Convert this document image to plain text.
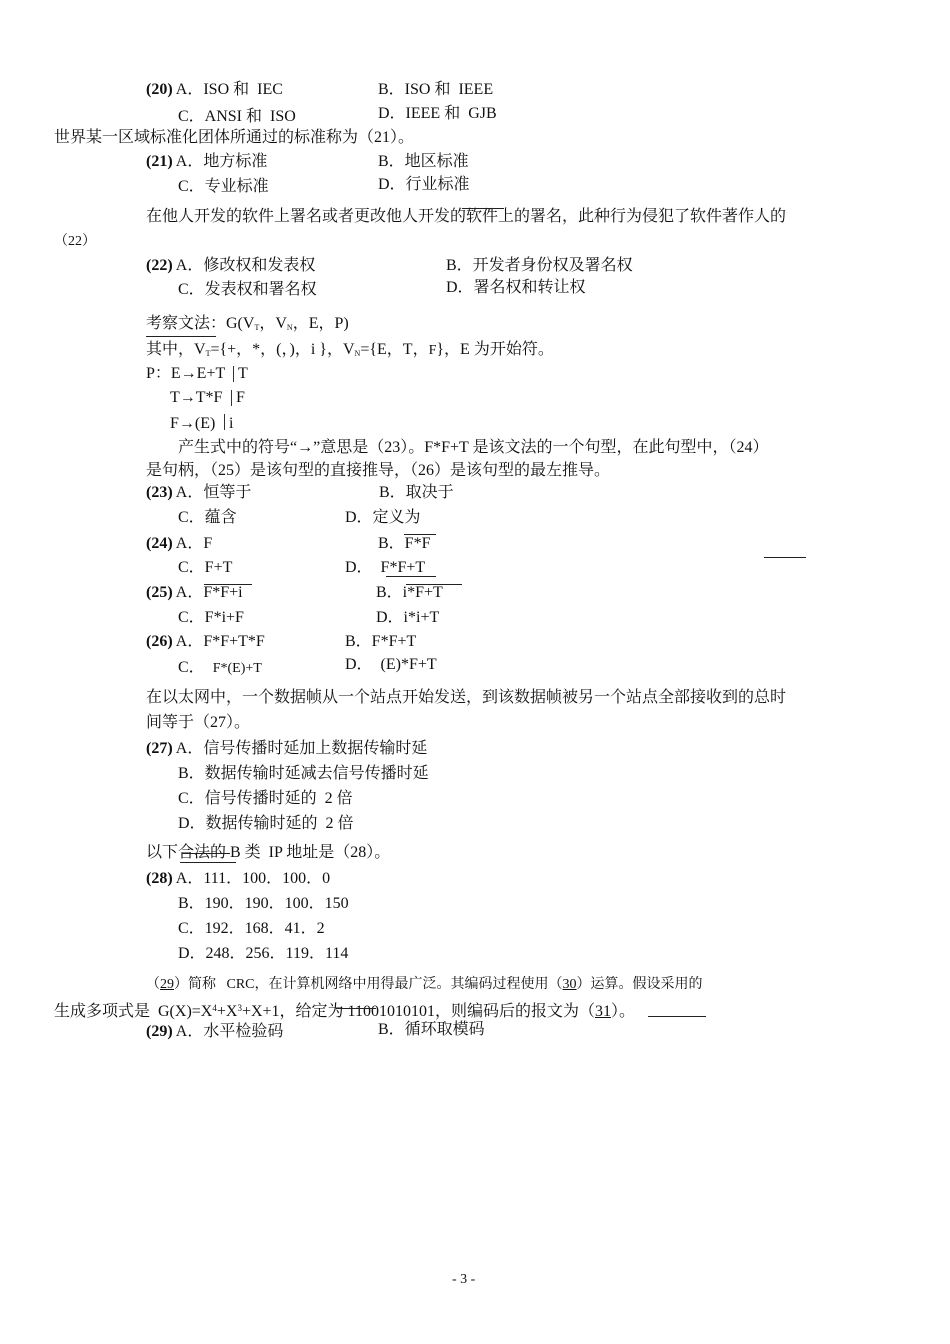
(20) A．ISO 和  IEC	B．ISO 和  IEEE
C．ANSI 和  ISO	D．IEEE 和  GJB
世界某一区域标准化团体所通过的标准称为（21）。
(21) A．地方标准	B．地区标准
C．专业标准	D．行业标准
在他人开发的软件上署名或者更改他人开发的软件上的署名，此种行为侵犯了软件著作人的
（22）
(22) A．修改权和发表权	B．开发者身份权及署名权
C．发表权和署名权	D．署名权和转让权
考察文法：$G(V_T$，$V_N$，E，P)
其中，$V_T=\{+$，*，(，)，i }，$V_N=\{E$，T，F}，E 为开始符。
P：E→E+T T
T→T*F F
F→(E) i
产生式中的符号“→”意思是（23）。F*F+T 是该文法的一个句型，在此句型中，（24）
是句柄，（25）是该句型的直接推导，（26）是该句型的最左推导。
(23) A．恒等于	B．取决于
C．蕴含	D．定义为
(24) A．F	B．F*F
C．F+T	D．  F*F+T
(25) A．F*F+i	B．i*F+T
C．F*i+F	D．i*i+T
(26) A．F*F+T*F	B．F*F+T
C．  F*(E)+T	D．  (E)*F+T
在以太网中，一个数据帧从一个站点开始发送，到该数据帧被另一个站点全部接收到的总时
间等于（27）。
(27) A．信号传播时延加上数据传输时延
B．数据传输时延减去信号传播时延
C．信号传播时延的  2 倍
D．数据传输时延的  2 倍
以下合法的 B 类  IP 地址是（28）。
(28) A．111．100．100．0
B．190．190．100．150
C．192．168．41．2
D．248．256．119．114
（29）简称   CRC，在计算机网络中用得最广泛。其编码过程使用（30）运算。假设采用的
生成多项式是  $G(X)=X^4+X^3+X+1$，给定为 11001010101，则编码后的报文为（31）。
(29) A．水平检验码	B．循环取模码
- 3 -
